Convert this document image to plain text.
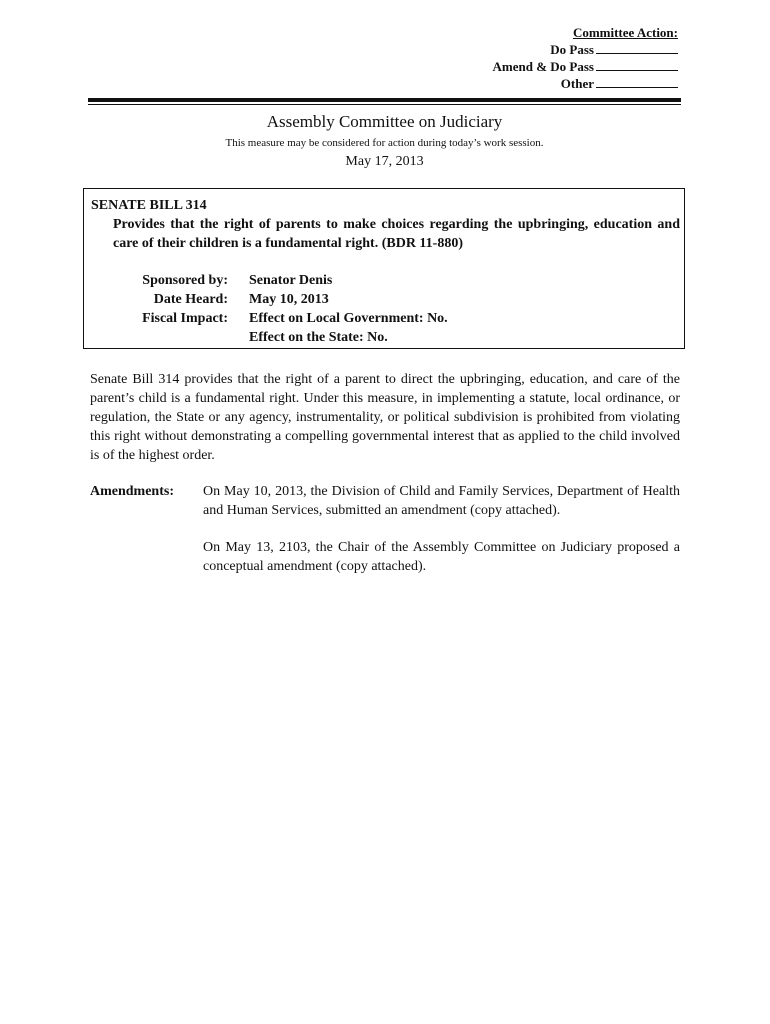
Committee Action:
Do Pass
Amend & Do Pass
Other
Assembly Committee on Judiciary
This measure may be considered for action during today’s work session.
May 17, 2013
SENATE BILL 314
Provides that the right of parents to make choices regarding the upbringing, education and care of their children is a fundamental right. (BDR 11-880)
Sponsored by:
Date Heard:
Fiscal Impact:
Senator Denis
May 10, 2013
Effect on Local Government: No.
Effect on the State: No.
Senate Bill 314 provides that the right of a parent to direct the upbringing, education, and care of the parent’s child is a fundamental right. Under this measure, in implementing a statute, local ordinance, or regulation, the State or any agency, instrumentality, or political subdivision is prohibited from violating this right without demonstrating a compelling governmental interest that as applied to the child involved is of the highest order.
Amendments: On May 10, 2013, the Division of Child and Family Services, Department of Health and Human Services, submitted an amendment (copy attached).
On May 13, 2103, the Chair of the Assembly Committee on Judiciary proposed a conceptual amendment (copy attached).
